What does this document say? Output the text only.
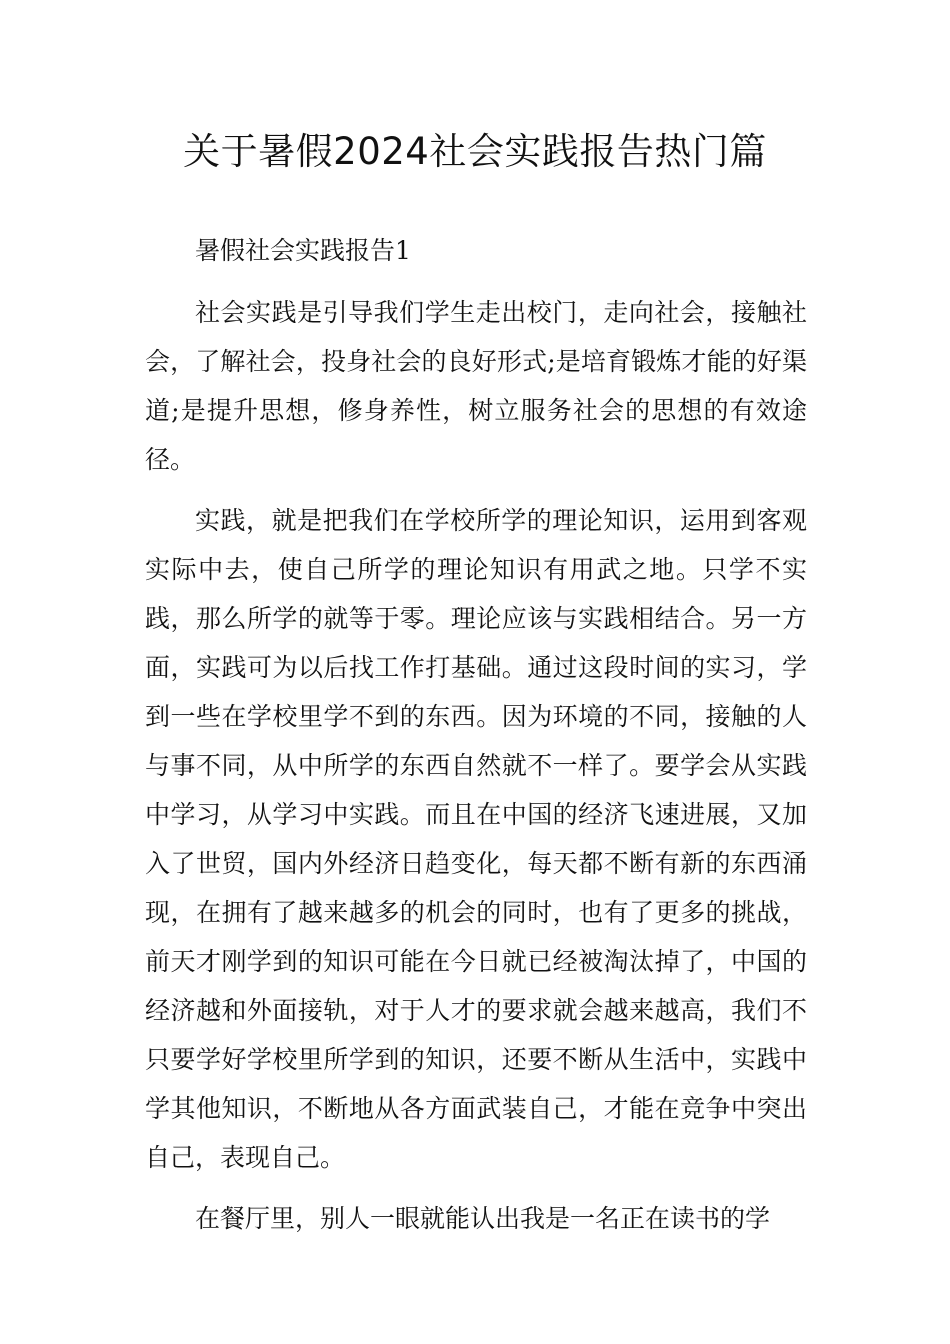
关于暑假2024社会实践报告热门篇

暑假社会实践报告1

社会实践是引导我们学生走出校门，走向社会，接触社会，了解社会，投身社会的良好形式;是培育锻炼才能的好渠道;是提升思想，修身养性，树立服务社会的思想的有效途径。

实践，就是把我们在学校所学的理论知识，运用到客观实际中去，使自己所学的理论知识有用武之地。只学不实践，那么所学的就等于零。理论应该与实践相结合。另一方面，实践可为以后找工作打基础。通过这段时间的实习，学到一些在学校里学不到的东西。因为环境的不同，接触的人与事不同，从中所学的东西自然就不一样了。要学会从实践中学习，从学习中实践。而且在中国的经济飞速进展，又加入了世贸，国内外经济日趋变化，每天都不断有新的东西涌现，在拥有了越来越多的机会的同时，也有了更多的挑战，前天才刚学到的知识可能在今日就已经被淘汰掉了，中国的经济越和外面接轨，对于人才的要求就会越来越高，我们不只要学好学校里所学到的知识，还要不断从生活中，实践中学其他知识，不断地从各方面武装自己，才能在竞争中突出自己，表现自己。

在餐厅里，别人一眼就能认出我是一名正在读书的学
